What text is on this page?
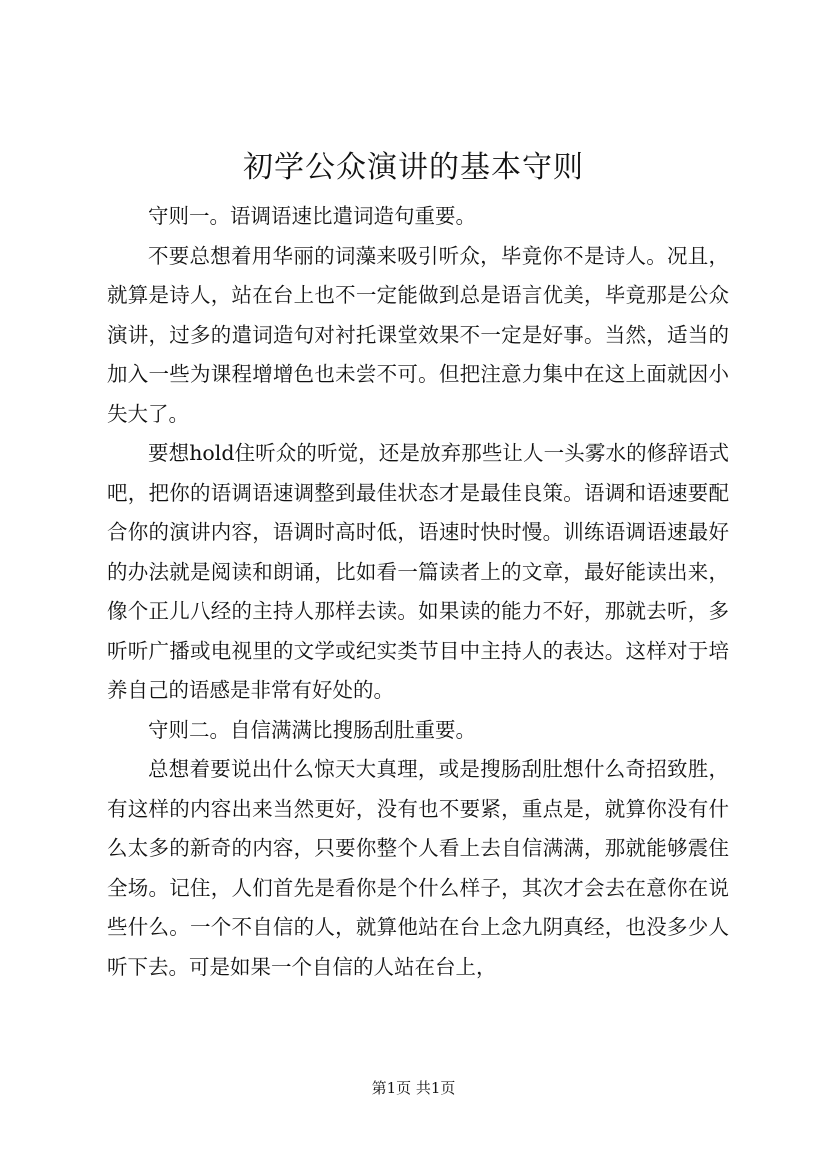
初学公众演讲的基本守则

守则一。语调语速比遣词造句重要。

不要总想着用华丽的词藻来吸引听众，毕竟你不是诗人。况且，就算是诗人，站在台上也不一定能做到总是语言优美，毕竟那是公众演讲，过多的遣词造句对衬托课堂效果不一定是好事。当然，适当的加入一些为课程增增色也未尝不可。但把注意力集中在这上面就因小失大了。

要想hold住听众的听觉，还是放弃那些让人一头雾水的修辞语式吧，把你的语调语速调整到最佳状态才是最佳良策。语调和语速要配合你的演讲内容，语调时高时低，语速时快时慢。训练语调语速最好的办法就是阅读和朗诵，比如看一篇读者上的文章，最好能读出来，像个正儿八经的主持人那样去读。如果读的能力不好，那就去听，多听听广播或电视里的文学或纪实类节目中主持人的表达。这样对于培养自己的语感是非常有好处的。

守则二。自信满满比搜肠刮肚重要。

总想着要说出什么惊天大真理，或是搜肠刮肚想什么奇招致胜，有这样的内容出来当然更好，没有也不要紧，重点是，就算你没有什么太多的新奇的内容，只要你整个人看上去自信满满，那就能够震住全场。记住，人们首先是看你是个什么样子，其次才会去在意你在说些什么。一个不自信的人，就算他站在台上念九阴真经，也没多少人听下去。可是如果一个自信的人站在台上，

第1页 共1页
